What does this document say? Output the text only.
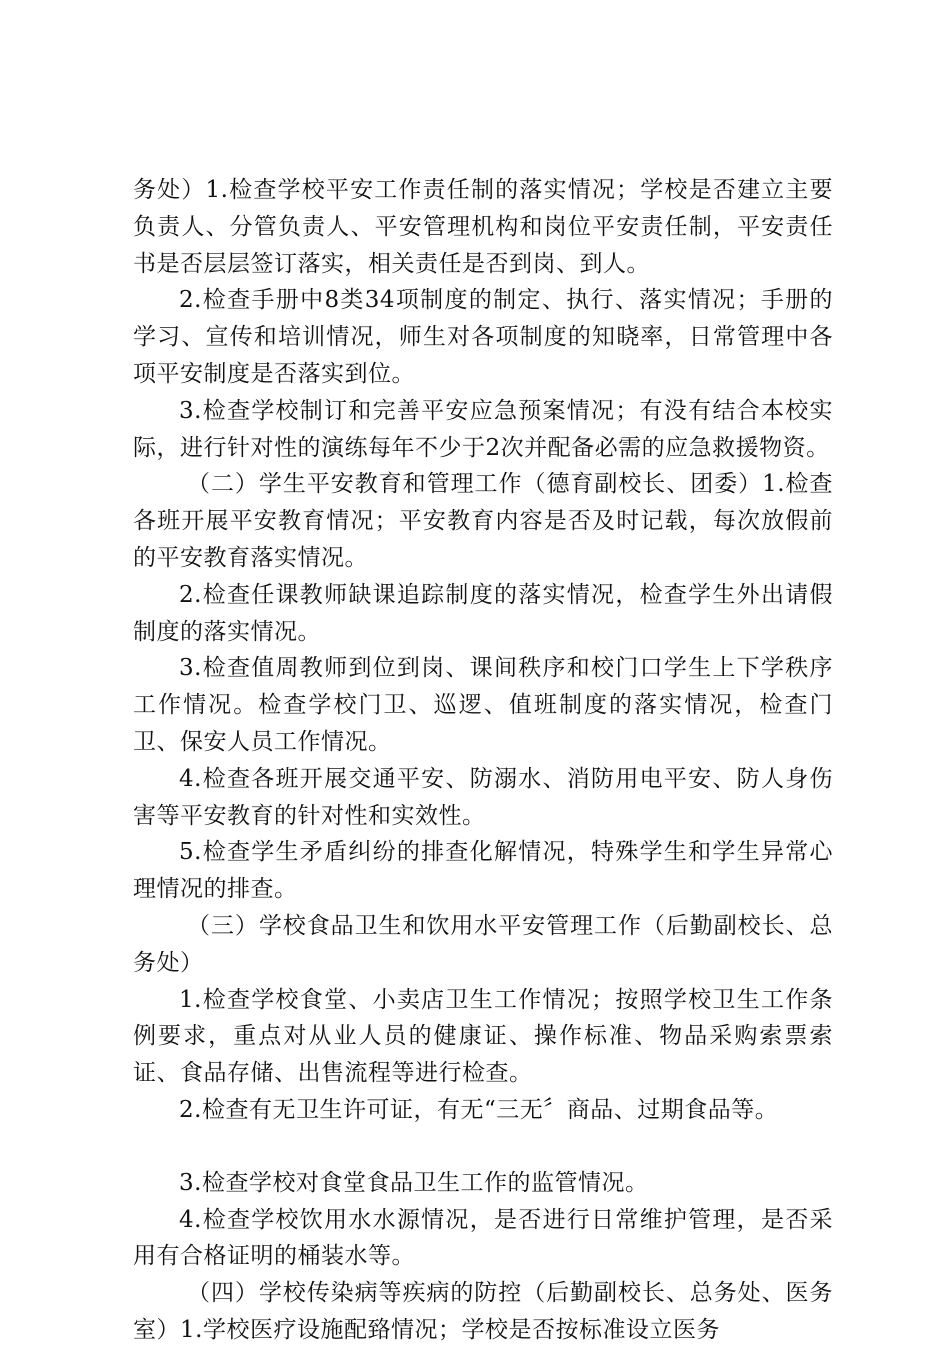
务处）1.检查学校平安工作责任制的落实情况；学校是否建立主要负责人、分管负责人、平安管理机构和岗位平安责任制，平安责任书是否层层签订落实，相关责任是否到岗、到人。

2.检查手册中8类34项制度的制定、执行、落实情况；手册的学习、宣传和培训情况，师生对各项制度的知晓率，日常管理中各项平安制度是否落实到位。

3.检查学校制订和完善平安应急预案情况；有没有结合本校实际，进行针对性的演练每年不少于2次并配备必需的应急救援物资。

（二）学生平安教育和管理工作（德育副校长、团委）1.检查各班开展平安教育情况；平安教育内容是否及时记载，每次放假前的平安教育落实情况。

2.检查任课教师缺课追踪制度的落实情况，检查学生外出请假制度的落实情况。

3.检查值周教师到位到岗、课间秩序和校门口学生上下学秩序工作情况。检查学校门卫、巡逻、值班制度的落实情况，检查门卫、保安人员工作情况。

4.检查各班开展交通平安、防溺水、消防用电平安、防人身伤害等平安教育的针对性和实效性。

5.检查学生矛盾纠纷的排查化解情况，特殊学生和学生异常心理情况的排查。

（三）学校食品卫生和饮用水平安管理工作（后勤副校长、总务处）

1.检查学校食堂、小卖店卫生工作情况；按照学校卫生工作条例要求，重点对从业人员的健康证、操作标准、物品采购索票索证、食品存储、出售流程等进行检查。

2.检查有无卫生许可证，有无“三无〞商品、过期食品等。

3.检查学校对食堂食品卫生工作的监管情况。

4.检查学校饮用水水源情况，是否进行日常维护管理，是否采用有合格证明的桶装水等。

（四）学校传染病等疾病的防控（后勤副校长、总务处、医务室）1.学校医疗设施配臵情况；学校是否按标准设立医务
